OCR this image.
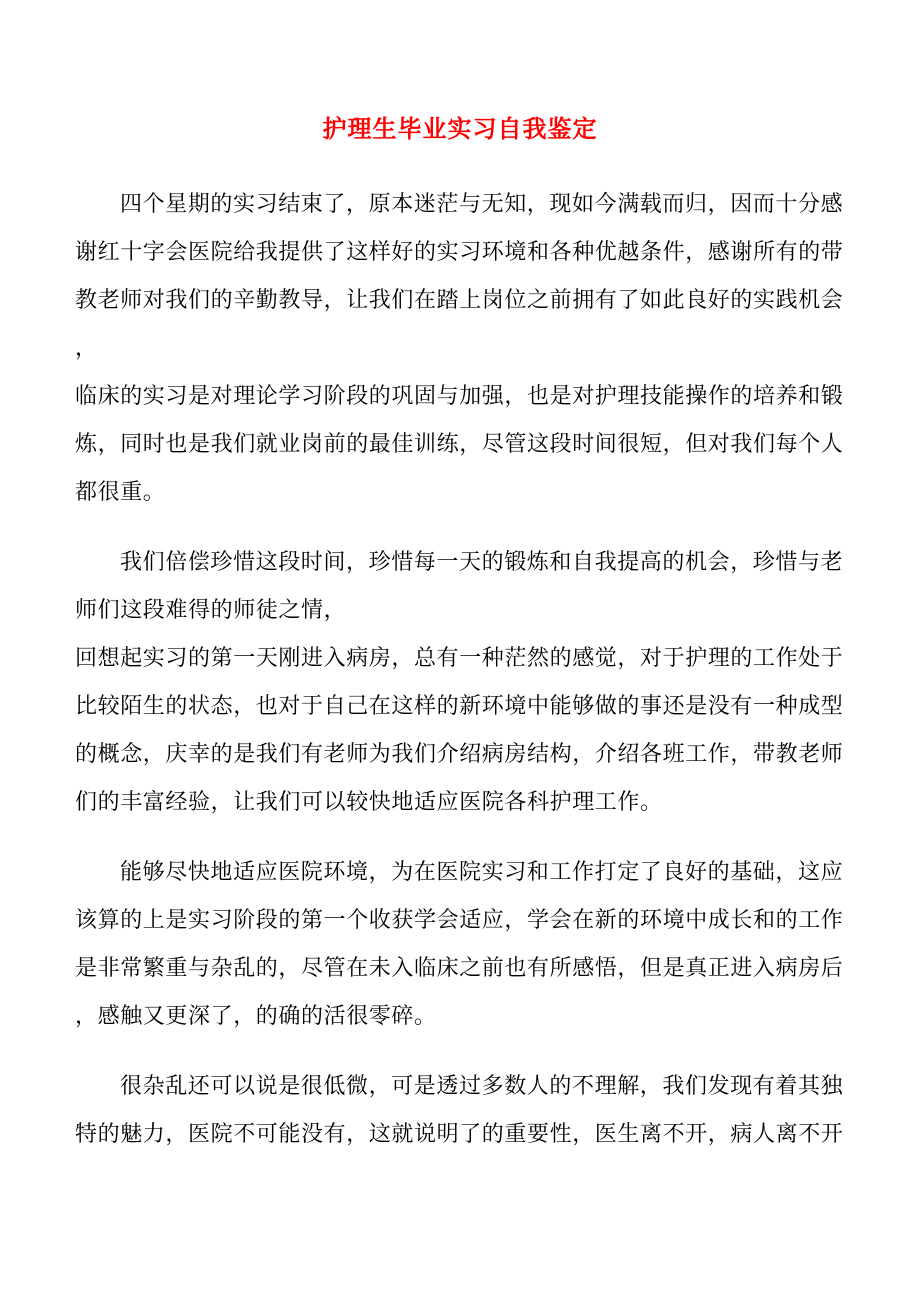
护理生毕业实习自我鉴定
四个星期的实习结束了，原本迷茫与无知，现如今满载而归，因而十分感
谢红十字会医院给我提供了这样好的实习环境和各种优越条件，感谢所有的带
教老师对我们的辛勤教导，让我们在踏上岗位之前拥有了如此良好的实践机会
，
临床的实习是对理论学习阶段的巩固与加强，也是对护理技能操作的培养和锻
炼，同时也是我们就业岗前的最佳训练，尽管这段时间很短，但对我们每个人
都很重。
我们倍偿珍惜这段时间，珍惜每一天的锻炼和自我提高的机会，珍惜与老
师们这段难得的师徒之情，
回想起实习的第一天刚进入病房，总有一种茫然的感觉，对于护理的工作处于
比较陌生的状态，也对于自己在这样的新环境中能够做的事还是没有一种成型
的概念，庆幸的是我们有老师为我们介绍病房结构，介绍各班工作，带教老师
们的丰富经验，让我们可以较快地适应医院各科护理工作。
能够尽快地适应医院环境，为在医院实习和工作打定了良好的基础，这应
该算的上是实习阶段的第一个收获学会适应，学会在新的环境中成长和的工作
是非常繁重与杂乱的，尽管在未入临床之前也有所感悟，但是真正进入病房后
，感触又更深了，的确的活很零碎。
很杂乱还可以说是很低微，可是透过多数人的不理解，我们发现有着其独
特的魅力，医院不可能没有，这就说明了的重要性，医生离不开，病人离不开
